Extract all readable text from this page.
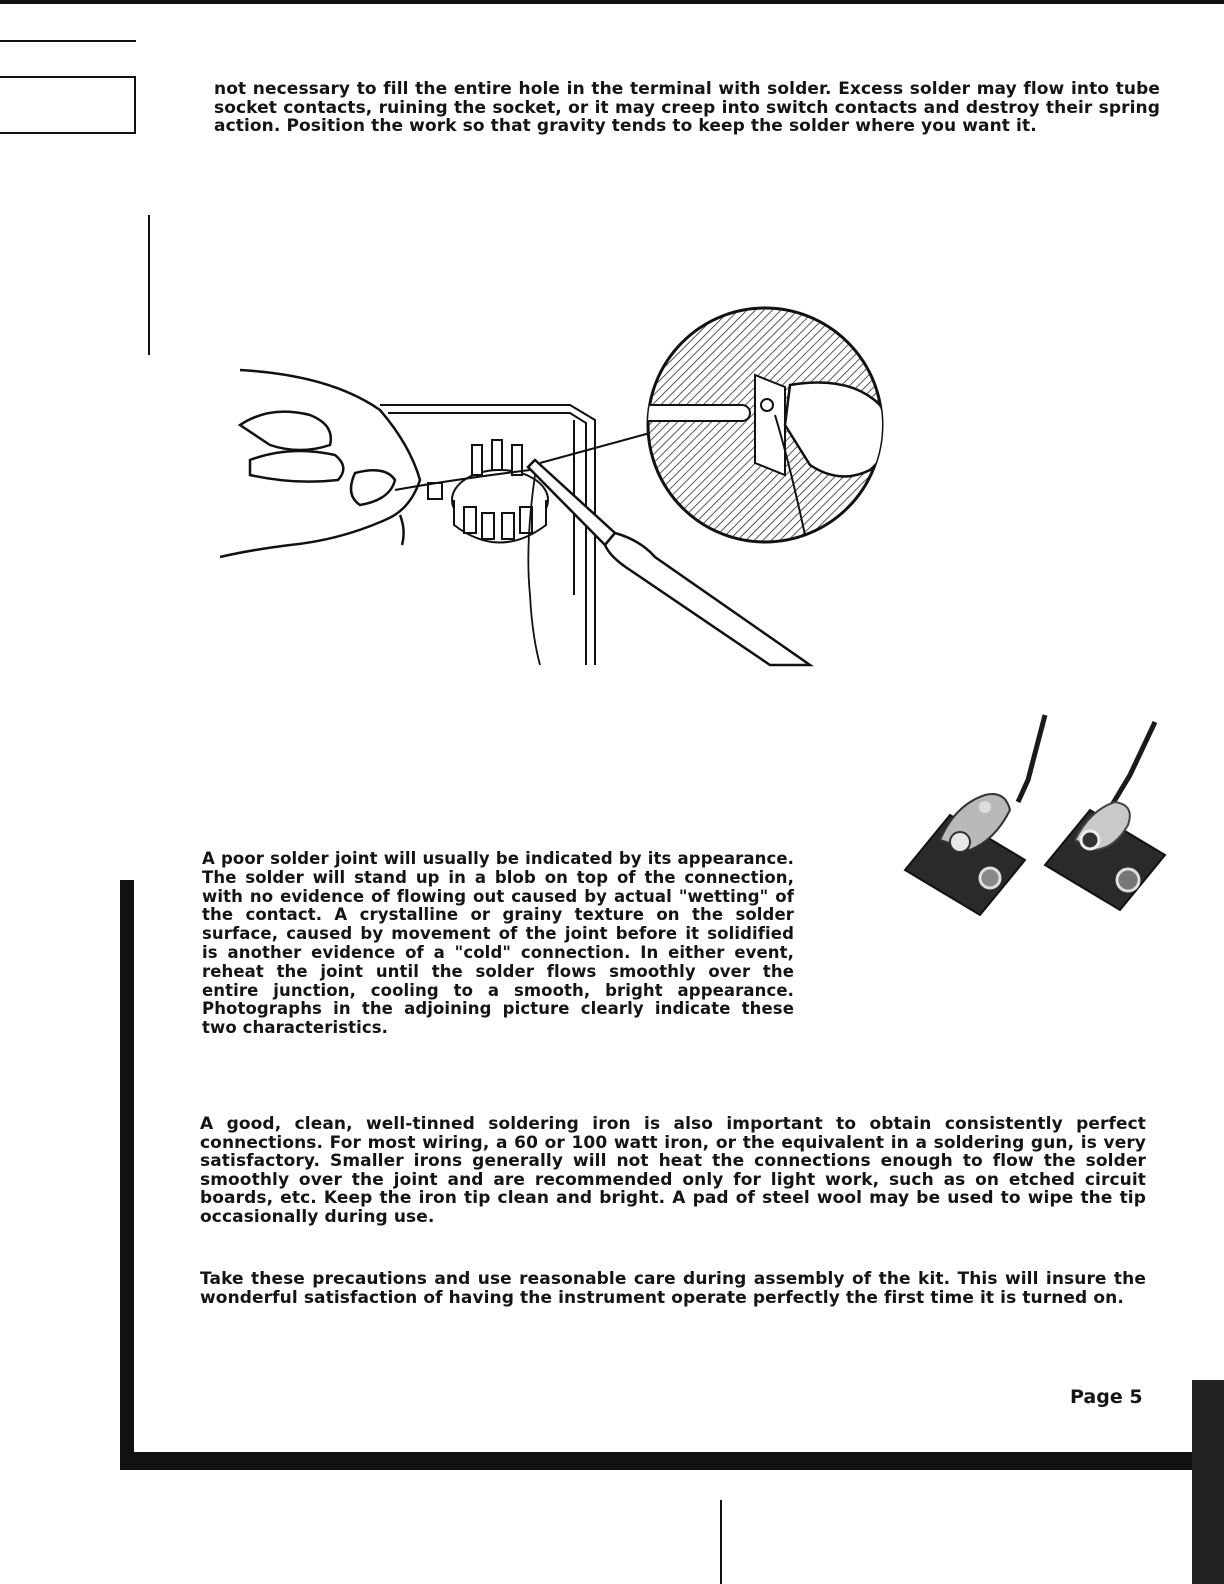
not necessary to fill the entire hole in the terminal with solder. Excess solder may flow into tube socket contacts, ruining the socket, or it may creep into switch contacts and destroy their spring action. Position the work so that gravity tends to keep the solder where you want it.

A poor solder joint will usually be indicated by its appearance. The solder will stand up in a blob on top of the connection, with no evidence of flowing out caused by actual "wetting" of the contact. A crystalline or grainy texture on the solder surface, caused by movement of the joint before it solidified is another evidence of a "cold" connection. In either event, reheat the joint until the solder flows smoothly over the entire junction, cooling to a smooth, bright appearance. Photographs in the adjoining picture clearly indicate these two characteristics.

A good, clean, well-tinned soldering iron is also important to obtain consistently perfect connections. For most wiring, a 60 or 100 watt iron, or the equivalent in a soldering gun, is very satisfactory. Smaller irons generally will not heat the connections enough to flow the solder smoothly over the joint and are recommended only for light work, such as on etched circuit boards, etc. Keep the iron tip clean and bright. A pad of steel wool may be used to wipe the tip occasionally during use.

Take these precautions and use reasonable care during assembly of the kit. This will insure the wonderful satisfaction of having the instrument operate perfectly the first time it is turned on.

Page 5
